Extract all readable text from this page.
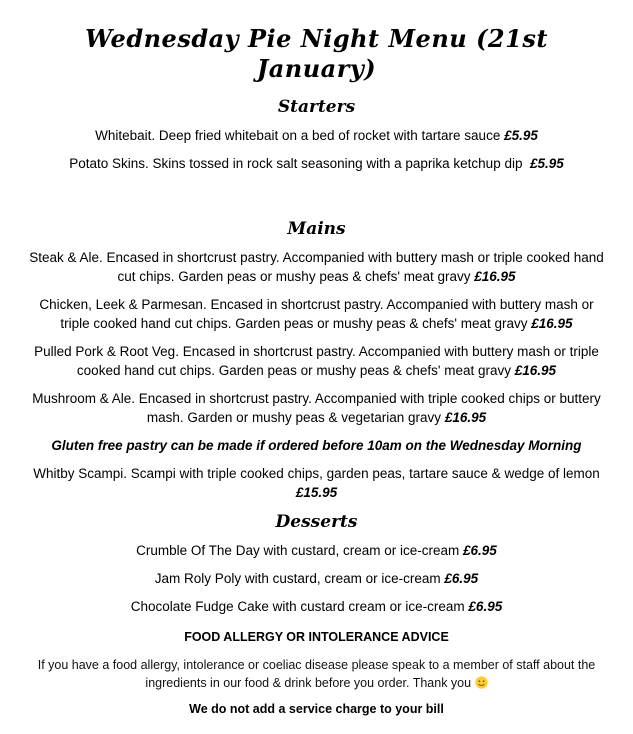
Wednesday Pie Night Menu (21st January)
Starters

Whitebait. Deep fried whitebait on a bed of rocket with tartare sauce £5.95

Potato Skins. Skins tossed in rock salt seasoning with a paprika ketchup dip £5.95

Mains

Steak & Ale. Encased in shortcrust pastry. Accompanied with buttery mash or triple cooked hand cut chips. Garden peas or mushy peas & chefs' meat gravy £16.95

Chicken, Leek & Parmesan. Encased in shortcrust pastry. Accompanied with buttery mash or triple cooked hand cut chips. Garden peas or mushy peas & chefs' meat gravy £16.95

Pulled Pork & Root Veg. Encased in shortcrust pastry. Accompanied with buttery mash or triple cooked hand cut chips. Garden peas or mushy peas & chefs' meat gravy £16.95

Mushroom & Ale. Encased in shortcrust pastry. Accompanied with triple cooked chips or buttery mash. Garden or mushy peas & vegetarian gravy £16.95

Gluten free pastry can be made if ordered before 10am on the Wednesday Morning

Whitby Scampi. Scampi with triple cooked chips, garden peas, tartare sauce & wedge of lemon £15.95

Desserts

Crumble Of The Day with custard, cream or ice-cream £6.95

Jam Roly Poly with custard, cream or ice-cream £6.95

Chocolate Fudge Cake with custard cream or ice-cream £6.95

FOOD ALLERGY OR INTOLERANCE ADVICE

If you have a food allergy, intolerance or coeliac disease please speak to a member of staff about the ingredients in our food & drink before you order. Thank you

We do not add a service charge to your bill
